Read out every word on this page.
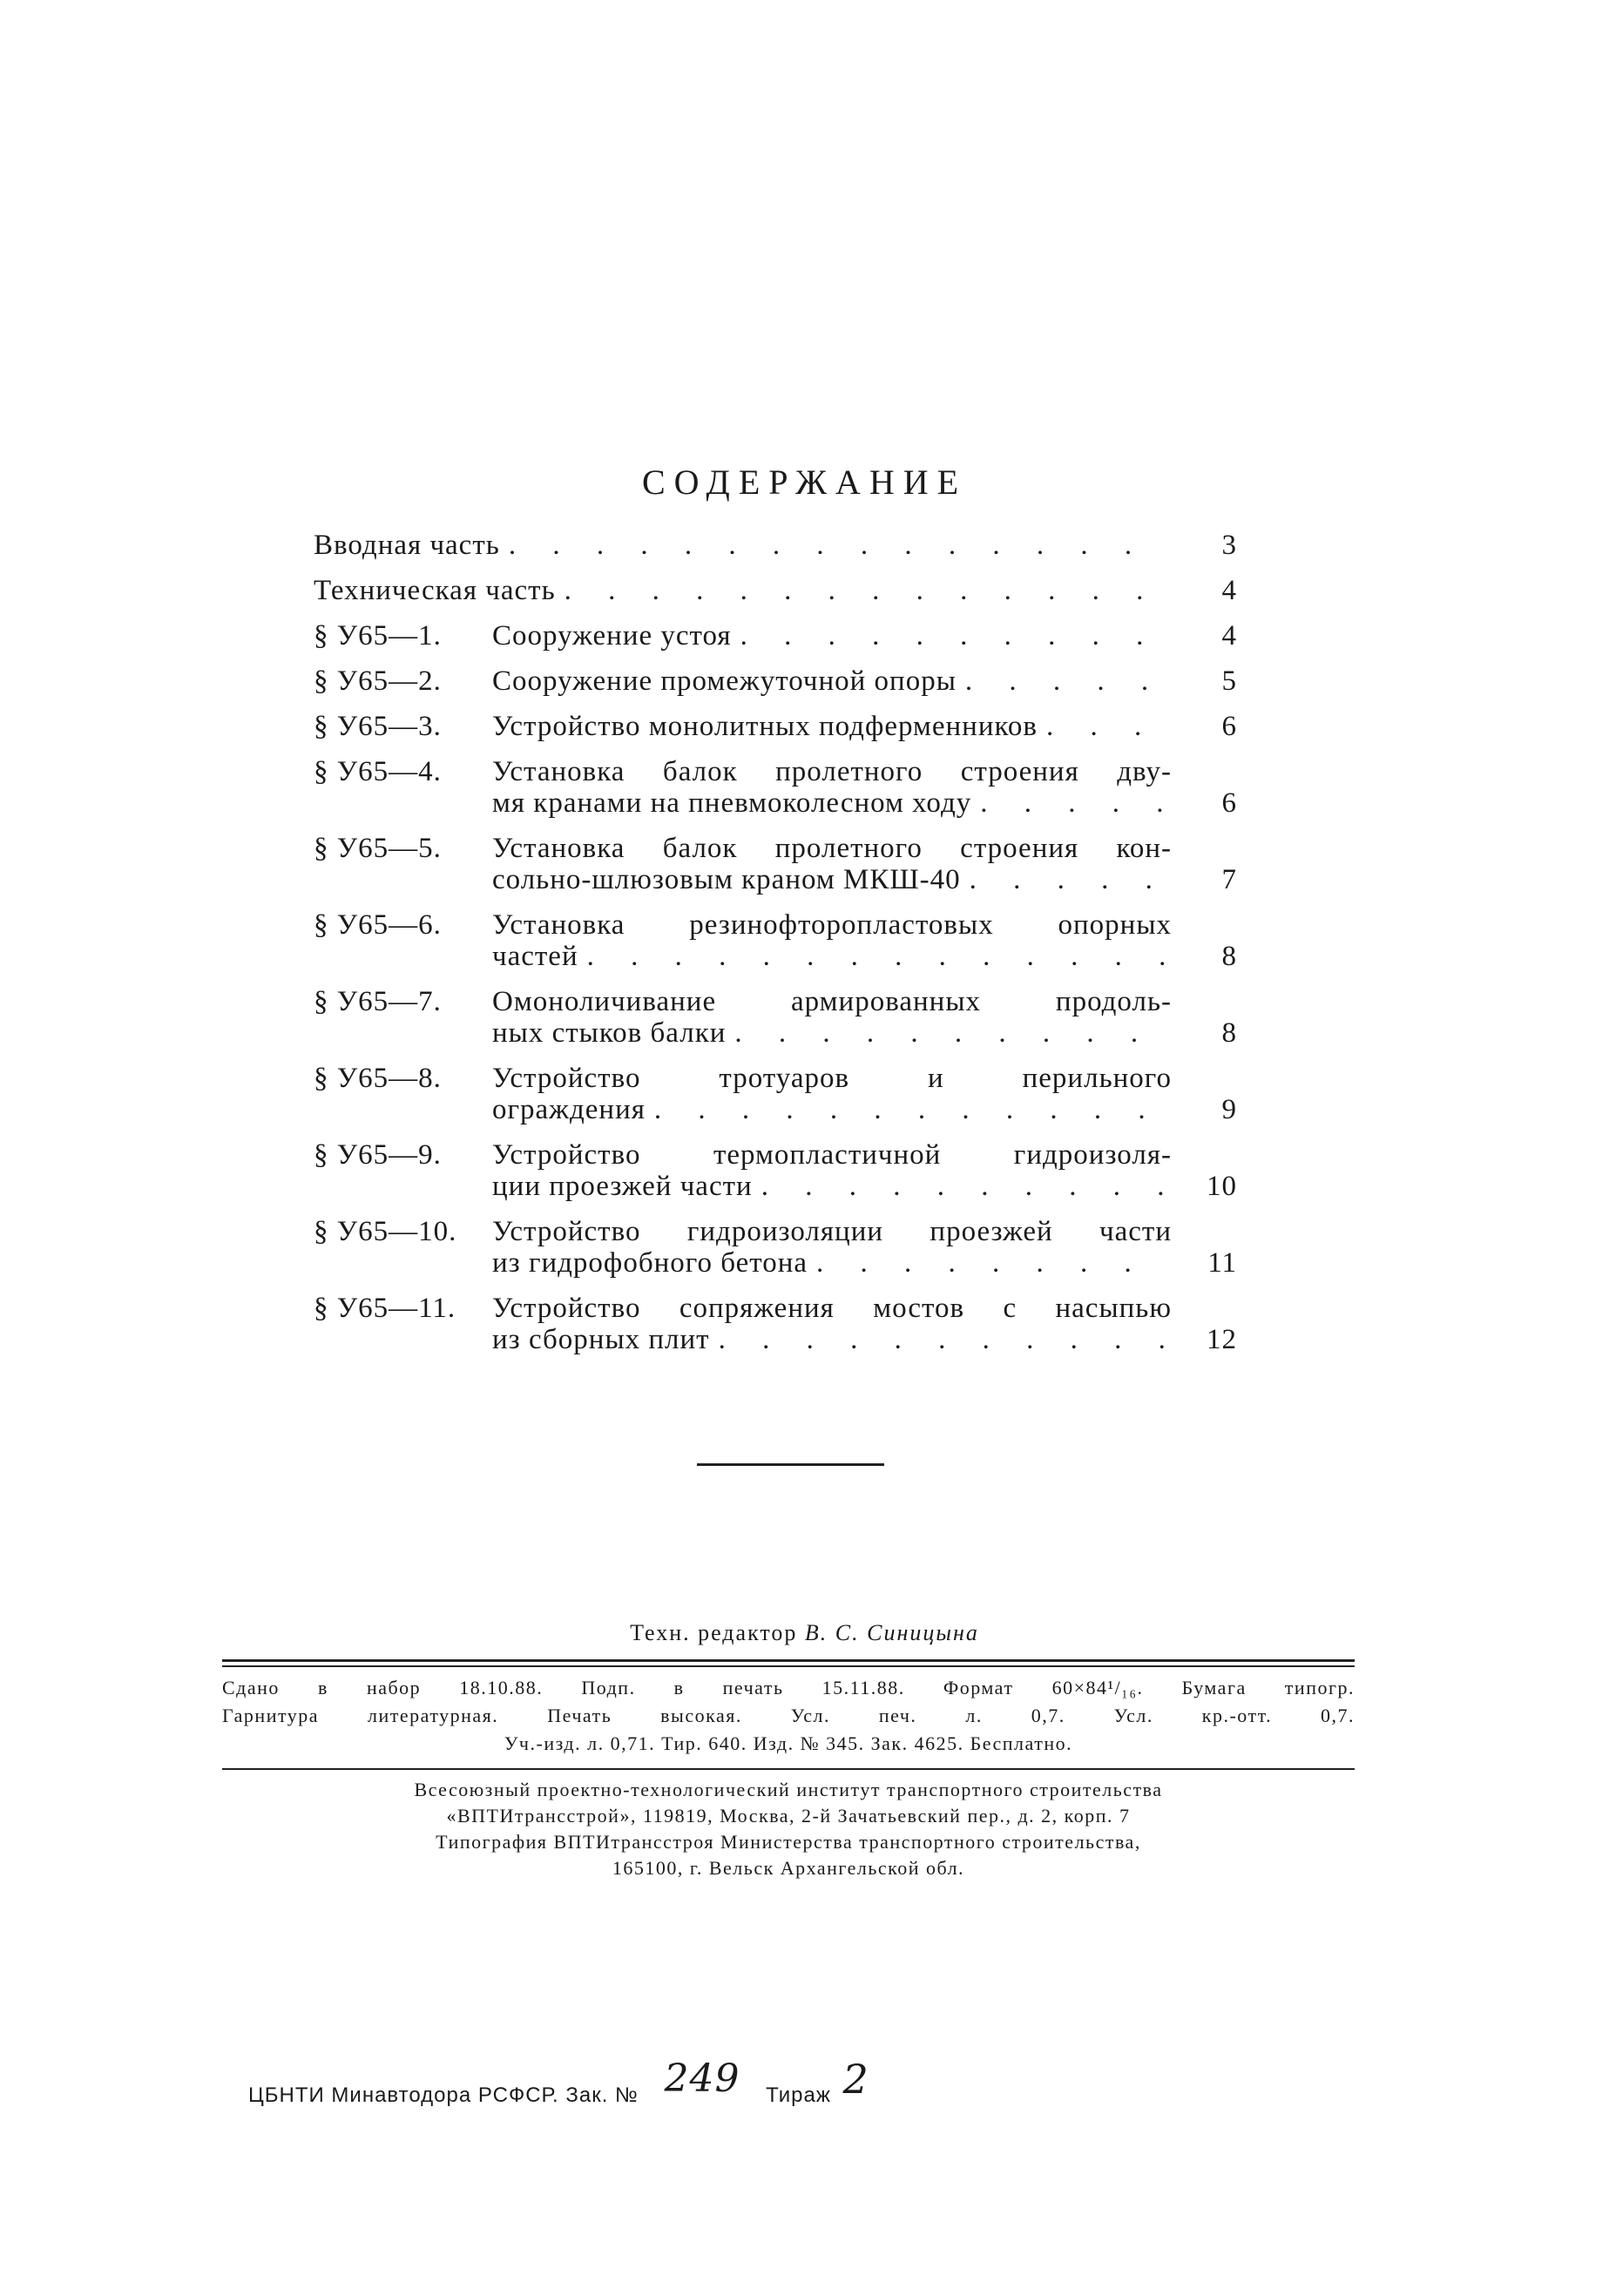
СОДЕРЖАНИЕ
Вводная часть . . .	3
Техническая часть . . .	4
§ У65—1.	Сооружение устоя . . .	4
§ У65—2.	Сооружение промежуточной опоры . . .	5
§ У65—3.	Устройство монолитных подферменников . . .	6
§ У65—4.	Установка балок пролетного строения дву-
мя кранами на пневмоколесном ходу . . .	6
§ У65—5.	Установка балок пролетного строения кон-
сольно-шлюзовым краном МКШ-40 . . .	7
§ У65—6.	Установка резинофторопластовых опорных
частей . . .	8
§ У65—7.	Омоноличивание армированных продоль-
ных стыков балки . . .	8
§ У65—8.	Устройство тротуаров и перильного
ограждения . . .	9
§ У65—9.	Устройство термопластичной гидроизоля-
ции проезжей части . . .	10
§ У65—10.	Устройство гидроизоляции проезжей части
из гидрофобного бетона . . .	11
§ У65—11.	Устройство сопряжения мостов с насыпью
из сборных плит . . .	12
Техн. редактор В. С. Синицына
Сдано в набор 18.10.88. Подп. в печать 15.11.88. Формат 60×84¹/₁₆. Бумага типогр.
Гарнитура литературная. Печать высокая. Усл. печ. л. 0,7. Усл. кр.-отт. 0,7.
Уч.-изд. л. 0,71. Тир. 640. Изд. № 345. Зак. 4625. Бесплатно.
Всесоюзный проектно-технологический институт транспортного строительства
«ВПТИтрансстрой», 119819, Москва, 2-й Зачатьевский пер., д. 2, корп. 7
Типография ВПТИтрансстроя Министерства транспортного строительства,
165100, г. Вельск Архангельской обл.
ЦБНТИ Минавтодора РСФСР. Зак. № 249 Тираж 2
